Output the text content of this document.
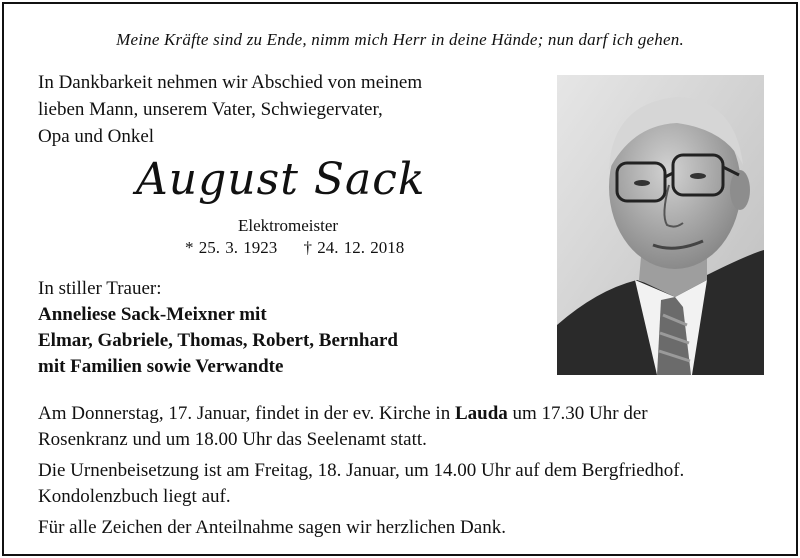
Meine Kräfte sind zu Ende, nimm mich Herr in deine Hände; nun darf ich gehen.
In Dankbarkeit nehmen wir Abschied von meinem
lieben Mann, unserem Vater, Schwiegervater,
Opa und Onkel
August Sack
Elektromeister
* 25. 3. 1923 † 24. 12. 2018
In stiller Trauer:
Anneliese Sack-Meixner mit
Elmar, Gabriele, Thomas, Robert, Bernhard
mit Familien sowie Verwandte

Am Donnerstag, 17. Januar, findet in der ev. Kirche in Lauda um 17.30 Uhr der
Rosenkranz und um 18.00 Uhr das Seelenamt statt.

Die Urnenbeisetzung ist am Freitag, 18. Januar, um 14.00 Uhr auf dem Bergfriedhof.
Kondolenzbuch liegt auf.

Für alle Zeichen der Anteilnahme sagen wir herzlichen Dank.
